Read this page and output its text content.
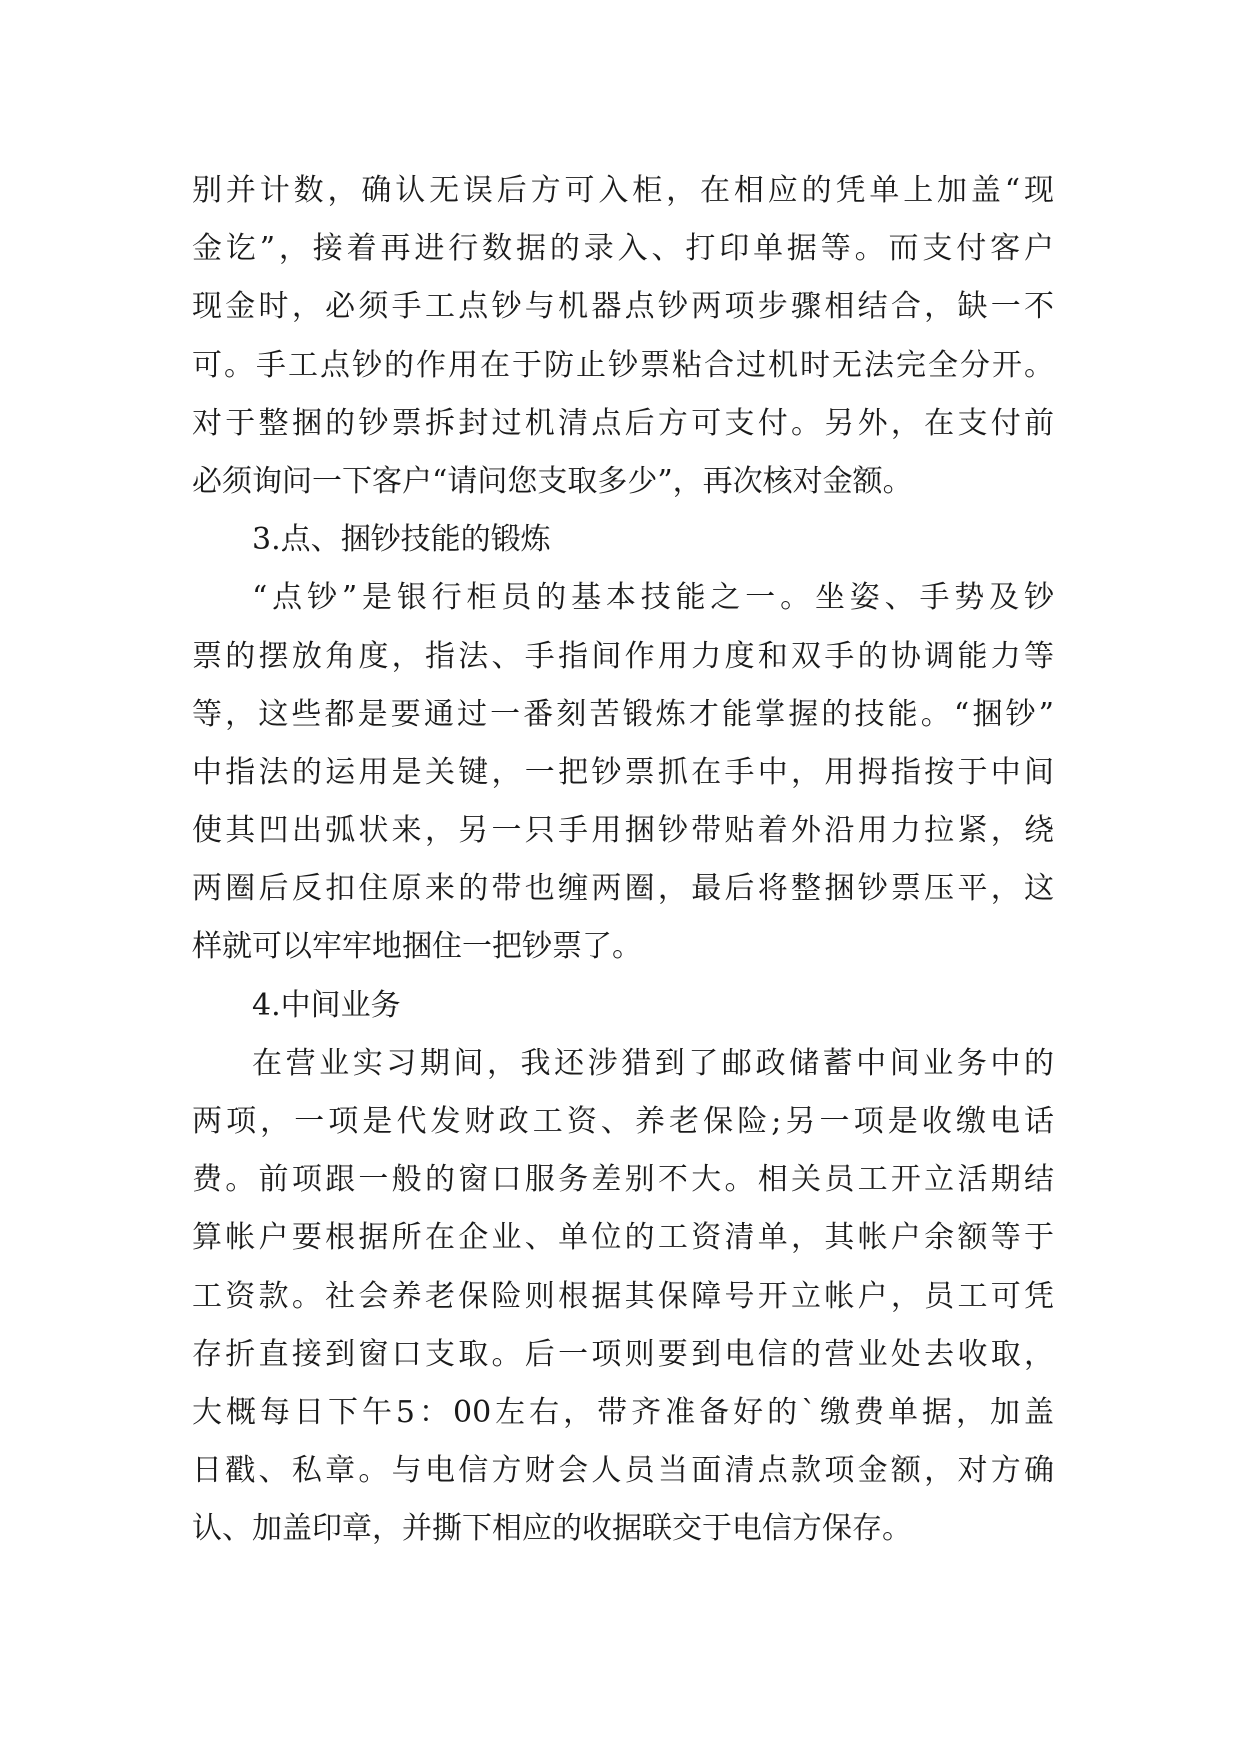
别并计数，确认无误后方可入柜，在相应的凭单上加盖“现
金讫”，接着再进行数据的录入、打印单据等。而支付客户
现金时，必须手工点钞与机器点钞两项步骤相结合，缺一不
可。手工点钞的作用在于防止钞票粘合过机时无法完全分开。
对于整捆的钞票拆封过机清点后方可支付。另外，在支付前
必须询问一下客户“请问您支取多少”，再次核对金额。
3.点、捆钞技能的锻炼
“点钞”是银行柜员的基本技能之一。坐姿、手势及钞
票的摆放角度，指法、手指间作用力度和双手的协调能力等
等，这些都是要通过一番刻苦锻炼才能掌握的技能。“捆钞”
中指法的运用是关键，一把钞票抓在手中，用拇指按于中间
使其凹出弧状来，另一只手用捆钞带贴着外沿用力拉紧，绕
两圈后反扣住原来的带也缠两圈，最后将整捆钞票压平，这
样就可以牢牢地捆住一把钞票了。
4.中间业务
在营业实习期间，我还涉猎到了邮政储蓄中间业务中的
两项，一项是代发财政工资、养老保险;另一项是收缴电话
费。前项跟一般的窗口服务差别不大。相关员工开立活期结
算帐户要根据所在企业、单位的工资清单，其帐户余额等于
工资款。社会养老保险则根据其保障号开立帐户，员工可凭
存折直接到窗口支取。后一项则要到电信的营业处去收取，
大概每日下午5：00左右，带齐准备好的`缴费单据，加盖
日戳、私章。与电信方财会人员当面清点款项金额，对方确
认、加盖印章，并撕下相应的收据联交于电信方保存。
